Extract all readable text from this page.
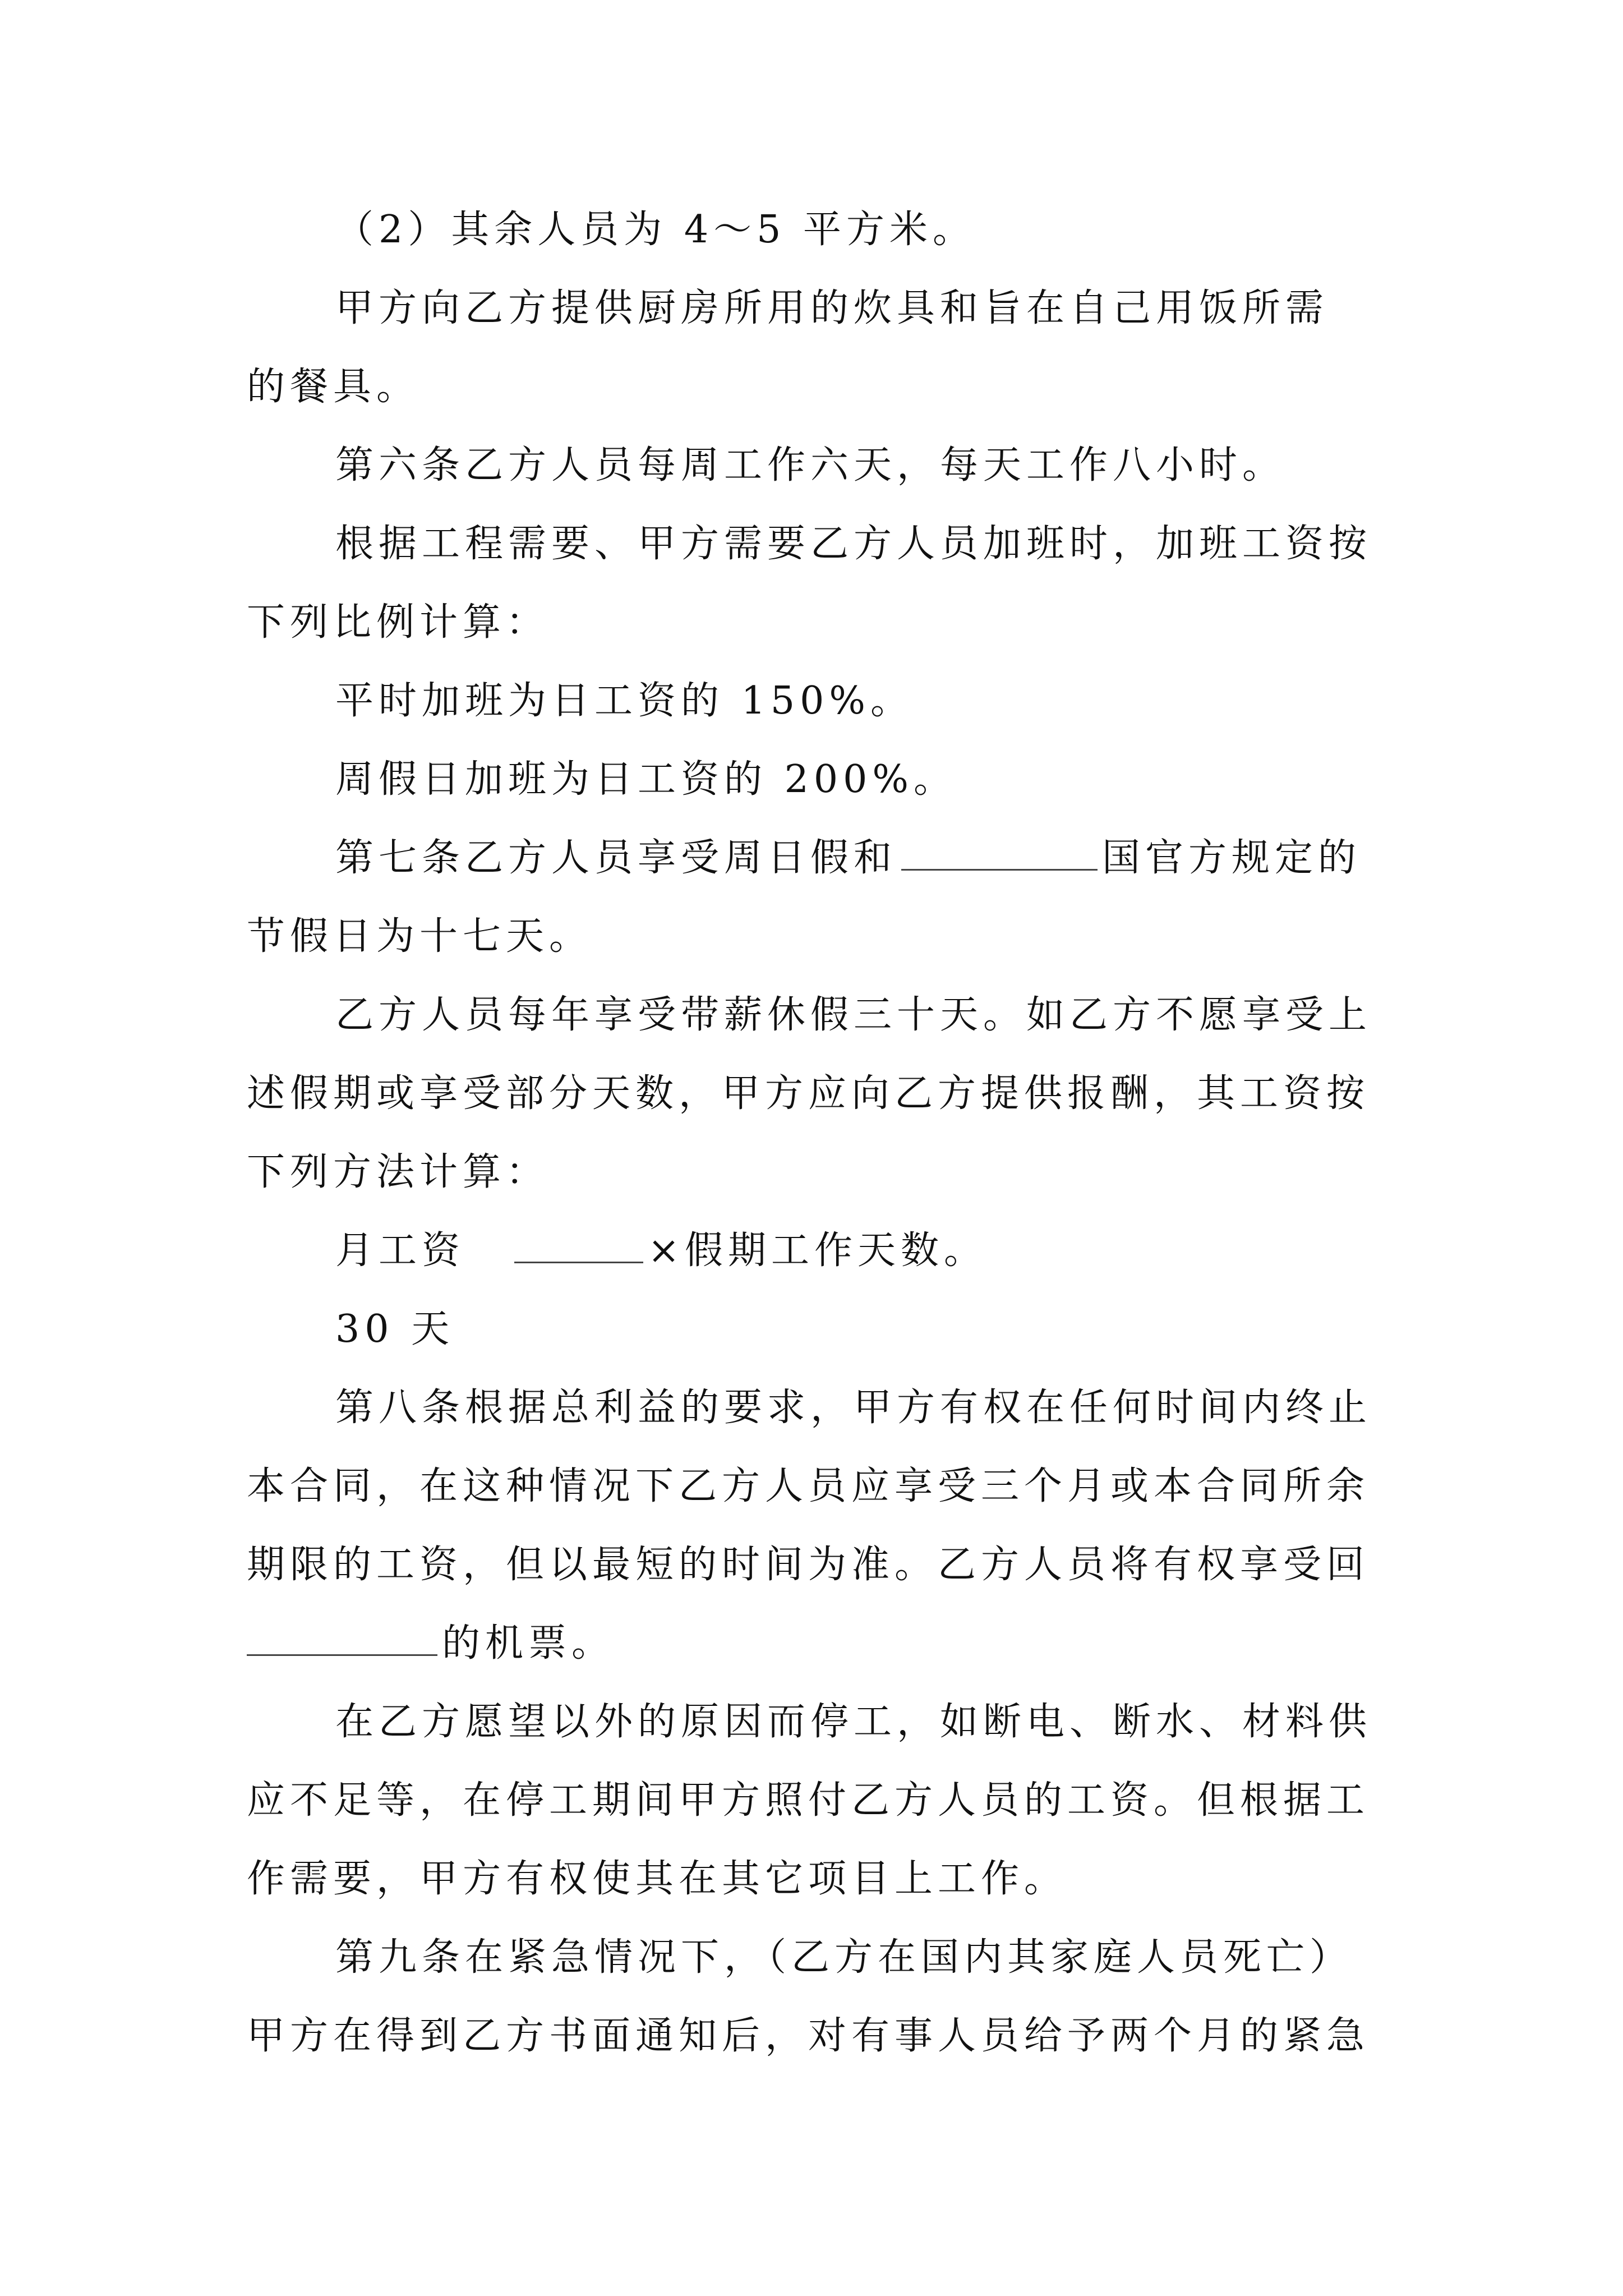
（2）其余人员为 4～5 平方米。
甲方向乙方提供厨房所用的炊具和旨在自己用饭所需
的餐具。
第六条乙方人员每周工作六天，每天工作八小时。
根据工程需要、甲方需要乙方人员加班时，加班工资按
下列比例计算：
平时加班为日工资的 150%。
周假日加班为日工资的 200%。
第七条乙方人员享受周日假和	国官方规定的
节假日为十七天。
乙方人员每年享受带薪休假三十天。如乙方不愿享受上
述假期或享受部分天数，甲方应向乙方提供报酬，其工资按
下列方法计算：
月工资	×假期工作天数。
30 天
第八条根据总利益的要求，甲方有权在任何时间内终止
本合同，在这种情况下乙方人员应享受三个月或本合同所余
期限的工资，但以最短的时间为准。乙方人员将有权享受回
的机票。
在乙方愿望以外的原因而停工，如断电、断水、材料供
应不足等，在停工期间甲方照付乙方人员的工资。但根据工
作需要，甲方有权使其在其它项目上工作。
第九条在紧急情况下，（乙方在国内其家庭人员死亡）
甲方在得到乙方书面通知后，对有事人员给予两个月的紧急
